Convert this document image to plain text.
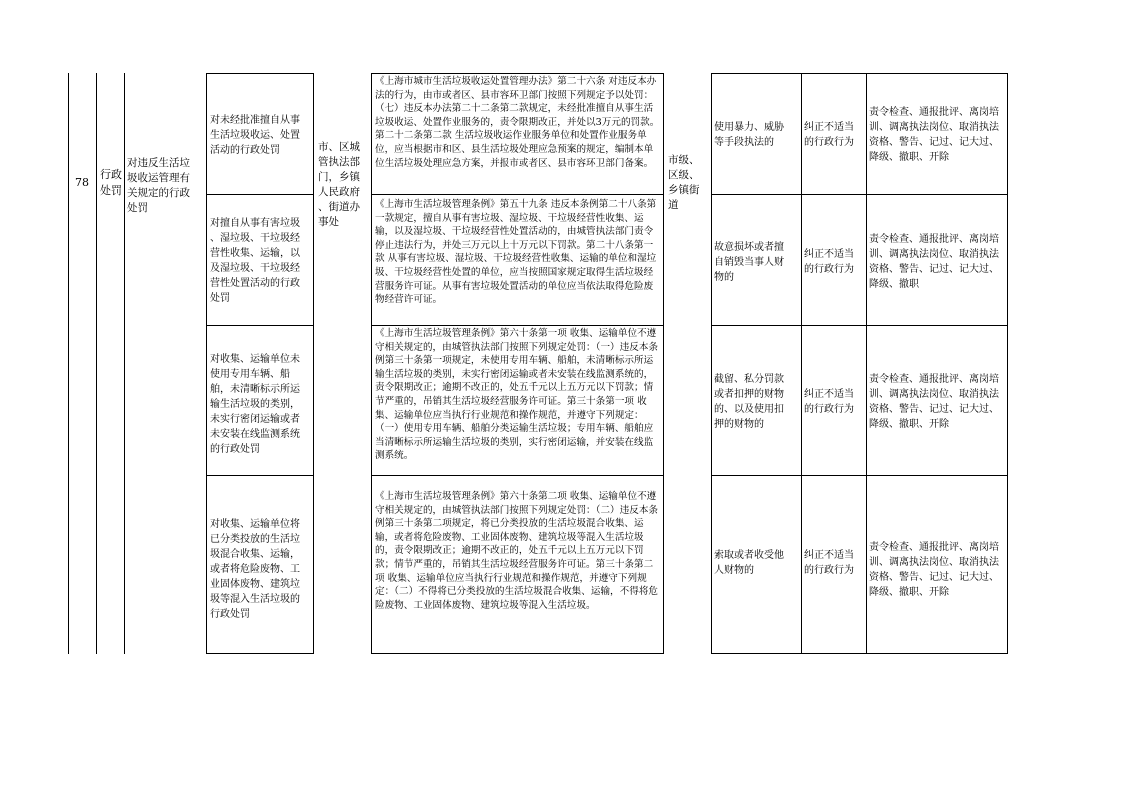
78
行政
处罚
对违反生活垃
圾收运管理有
关规定的行政
处罚
对未经批准擅自从事
生活垃圾收运、处置
活动的行政处罚
对擅自从事有害垃圾
、湿垃圾、干垃圾经
营性收集、运输，以
及湿垃圾、干垃圾经
营性处置活动的行政
处罚
对收集、运输单位未
使用专用车辆、船
舶，未清晰标示所运
输生活垃圾的类别，
未实行密闭运输或者
未安装在线监测系统
的行政处罚
对收集、运输单位将
已分类投放的生活垃
圾混合收集、运输，
或者将危险废物、工
业固体废物、建筑垃
圾等混入生活垃圾的
行政处罚
市、区城
管执法部
门，乡镇
人民政府
、街道办
事处
《上海市城市生活垃圾收运处置管理办法》第二十六条 对违反本办法的行为，由市或者区、县市容环卫部门按照下列规定予以处罚：（七）违反本办法第二十二条第二款规定，未经批准擅自从事生活垃圾收运、处置作业服务的，责令限期改正，并处以3万元的罚款。第二十二条第二款 生活垃圾收运作业服务单位和处置作业服务单位，应当根据市和区、县生活垃圾处理应急预案的规定，编制本单位生活垃圾处理应急方案，并报市或者区、县市容环卫部门备案。
《上海市生活垃圾管理条例》第五十九条 违反本条例第二十八条第一款规定，擅自从事有害垃圾、湿垃圾、干垃圾经营性收集、运输，以及湿垃圾、干垃圾经营性处置活动的，由城管执法部门责令停止违法行为，并处三万元以上十万元以下罚款。第二十八条第一款 从事有害垃圾、湿垃圾、干垃圾经营性收集、运输的单位和湿垃圾、干垃圾经营性处置的单位，应当按照国家规定取得生活垃圾经营服务许可证。从事有害垃圾处置活动的单位应当依法取得危险废物经营许可证。
《上海市生活垃圾管理条例》第六十条第一项 收集、运输单位不遵守相关规定的，由城管执法部门按照下列规定处罚：（一）违反本条例第三十条第一项规定，未使用专用车辆、船舶，未清晰标示所运输生活垃圾的类别，未实行密闭运输或者未安装在线监测系统的，责令限期改正；逾期不改正的，处五千元以上五万元以下罚款；情节严重的，吊销其生活垃圾经营服务许可证。第三十条第一项 收集、运输单位应当执行行业规范和操作规范，并遵守下列规定：（一）使用专用车辆、船舶分类运输生活垃圾；专用车辆、船舶应当清晰标示所运输生活垃圾的类别，实行密闭运输，并安装在线监测系统。
《上海市生活垃圾管理条例》第六十条第二项 收集、运输单位不遵守相关规定的，由城管执法部门按照下列规定处罚：（二）违反本条例第三十条第二项规定，将已分类投放的生活垃圾混合收集、运输，或者将危险废物、工业固体废物、建筑垃圾等混入生活垃圾的，责令限期改正；逾期不改正的，处五千元以上五万元以下罚款；情节严重的，吊销其生活垃圾经营服务许可证。第三十条第二项 收集、运输单位应当执行行业规范和操作规范，并遵守下列规定：（二）不得将已分类投放的生活垃圾混合收集、运输，不得将危险废物、工业固体废物、建筑垃圾等混入生活垃圾。
市级、
区级、
乡镇街
道
使用暴力、威胁
等手段执法的
纠正不适当
的行政行为
责令检查、通报批评、离岗培训、调离执法岗位、取消执法资格、警告、记过、记大过、降级、撤职、开除
故意损坏或者擅
自销毁当事人财
物的
纠正不适当
的行政行为
责令检查、通报批评、离岗培训、调离执法岗位、取消执法资格、警告、记过、记大过、降级、撤职
截留、私分罚款
或者扣押的财物
的、以及使用扣
押的财物的
纠正不适当
的行政行为
责令检查、通报批评、离岗培训、调离执法岗位、取消执法资格、警告、记过、记大过、降级、撤职、开除
索取或者收受他
人财物的
纠正不适当
的行政行为
责令检查、通报批评、离岗培训、调离执法岗位、取消执法资格、警告、记过、记大过、降级、撤职、开除
